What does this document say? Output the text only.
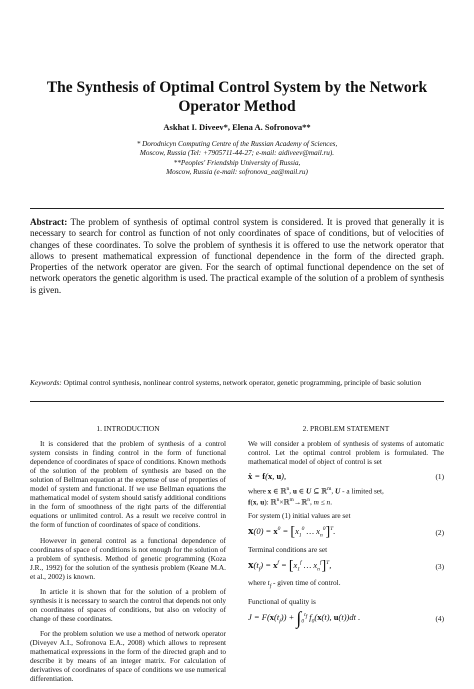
The Synthesis of Optimal Control System by the Network Operator Method
Askhat I. Diveev*, Elena A. Sofronova**
* Dorodnicyn Computing Centre of the Russian Academy of Sciences,
Moscow, Russia (Tel: +7905711-44-27; e-mail: aidiveev@mail.ru).
**Peoples' Friendship University of Russia,
Moscow, Russia (e-mail: sofronova_ea@mail.ru)
Abstract: The problem of synthesis of optimal control system is considered. It is proved that generally it is necessary to search for control as function of not only coordinates of space of conditions, but of velocities of changes of these coordinates. To solve the problem of synthesis it is offered to use the network operator that allows to present mathematical expression of functional dependence in the form of the directed graph. Properties of the network operator are given. For the search of optimal functional dependence on the set of network operators the genetic algorithm is used. The practical example of the solution of a problem of synthesis is given.
Keywords: Optimal control synthesis, nonlinear control systems, network operator, genetic programming, principle of basic solution
1. INTRODUCTION

It is considered that the problem of synthesis of a control system consists in finding control in the form of functional dependence of coordinates of space of conditions. Known methods of the solution of the problem of synthesis are based on the solution of Bellman equation at the expense of use of properties of model of system and functional. If we use Bellman equations the mathematical model of system should satisfy additional conditions in the form of smoothness of the right parts of the differential equations or unlimited control. As a result we receive control in the form of function of coordinates of space of conditions.

However in general control as a functional dependence of coordinates of space of conditions is not enough for the solution of a problem of synthesis. Method of genetic programming (Koza J.R., 1992) for the solution of the synthesis problem (Keane M.A. et al., 2002) is known.

In article it is shown that for the solution of a problem of synthesis it is necessary to search the control that depends not only on coordinates of spaces of conditions, but also on velocity of change of these coordinates.

For the problem solution we use a method of network operator (Diveyev A.I., Sofronova E.A., 2008) which allows to represent mathematical expressions in the form of the directed graph and to describe it by means of an integer matrix. For calculation of derivatives of coordinates of space of conditions we use numerical differentiation.

2. PROBLEM STATEMENT

We will consider a problem of synthesis of systems of automatic control. Let the optimal control problem is formulated. The mathematical model of object of control is set

ẋ = f(x, u),	(1)
where x ∈ ℝ$^n$, u ∈ U ⊆ ℝ$^m$, U - a limited set,
f(x, u): ℝ$^n$×ℝ$^m$→ℝ$^n$, m ≤ n.
For system (1) initial values are set
$x(0) = x^0 = [x_1^0$ … $x_n^0]^T$.	(2)
Terminal conditions are set
$x(t_f) = x^f = [x_1^f$ … $x_n^f]^T$,	(3)
where $t_f$ - given time of control.
Functional of quality is
$J = F(x(t_f)) + \int_0^{t_f}$ $f_0(x(t)$, u(t))dt .	(4)
